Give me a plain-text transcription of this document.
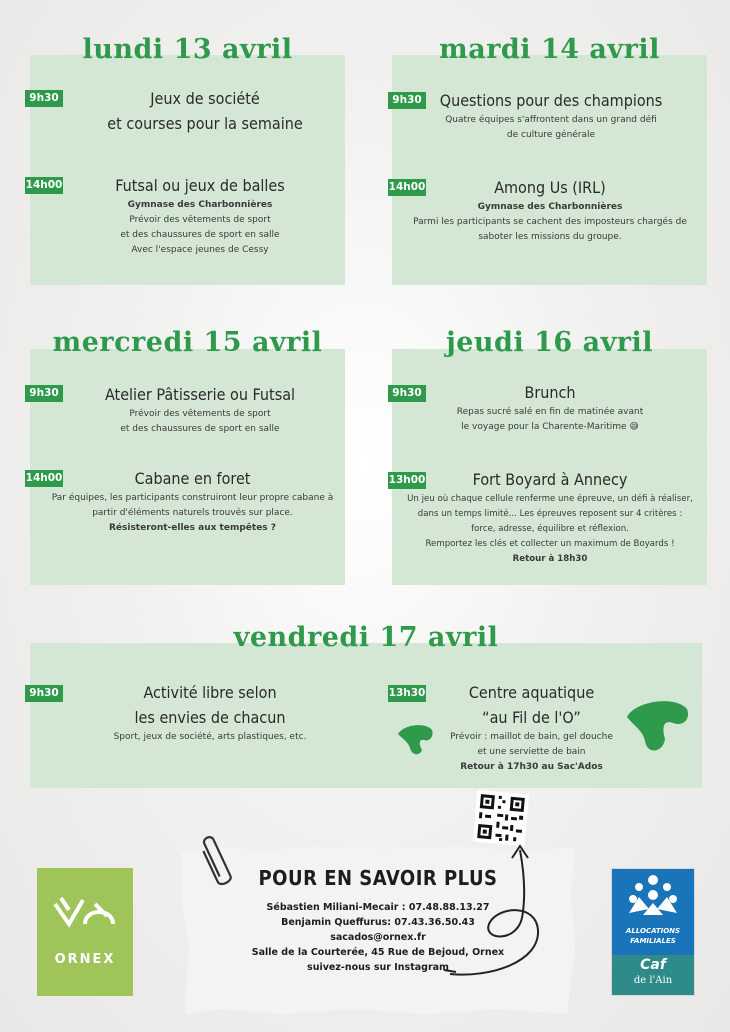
lundi 13 avril
9h30	Jeux de société
et courses pour la semaine
14h00	Futsal ou jeux de balles
Gymnase des Charbonnières
Prévoir des vêtements de sport
et des chaussures de sport en salle
Avec l'espace jeunes de Cessy
mardi 14 avril
9h30	Questions pour des champions
Quatre équipes s'affrontent dans un grand défi
de culture générale
14h00	Among Us (IRL)
Gymnase des Charbonnières
Parmi les participants se cachent des imposteurs chargés de
saboter les missions du groupe.
mercredi 15 avril
9h30	Atelier Pâtisserie ou Futsal
Prévoir des vêtements de sport
et des chaussures de sport en salle
14h00	Cabane en foret
Par équipes, les participants construiront leur propre cabane à
partir d'éléments naturels trouvés sur place.
Résisteront-elles aux tempêtes ?
jeudi 16 avril
9h30	Brunch
Repas sucré salé en fin de matinée avant
le voyage pour la Charente-Maritime 😅
13h00	Fort Boyard à Annecy
Un jeu où chaque cellule renferme une épreuve, un défi à réaliser,
dans un temps limité... Les épreuves reposent sur 4 critères :
force, adresse, équilibre et réflexion.
Remportez les clés et collecter un maximum de Boyards !
Retour à 18h30
vendredi 17 avril
9h30	Activité libre selon
les envies de chacun
Sport, jeux de société, arts plastiques, etc.
13h30	Centre aquatique
“au Fil de l'O”
Prévoir : maillot de bain, gel douche
et une serviette de bain
Retour à 17h30 au Sac'Ados
ORNEX
POUR EN SAVOIR PLUS
Sébastien Miliani-Mecair : 07.48.88.13.27
Benjamin Queffurus: 07.43.36.50.43
sacados@ornex.fr
Salle de la Courterée, 45 Rue de Bejoud, Ornex
suivez-nous sur Instagram
ALLOCATIONS
FAMILIALES
Caf
de l'Ain
